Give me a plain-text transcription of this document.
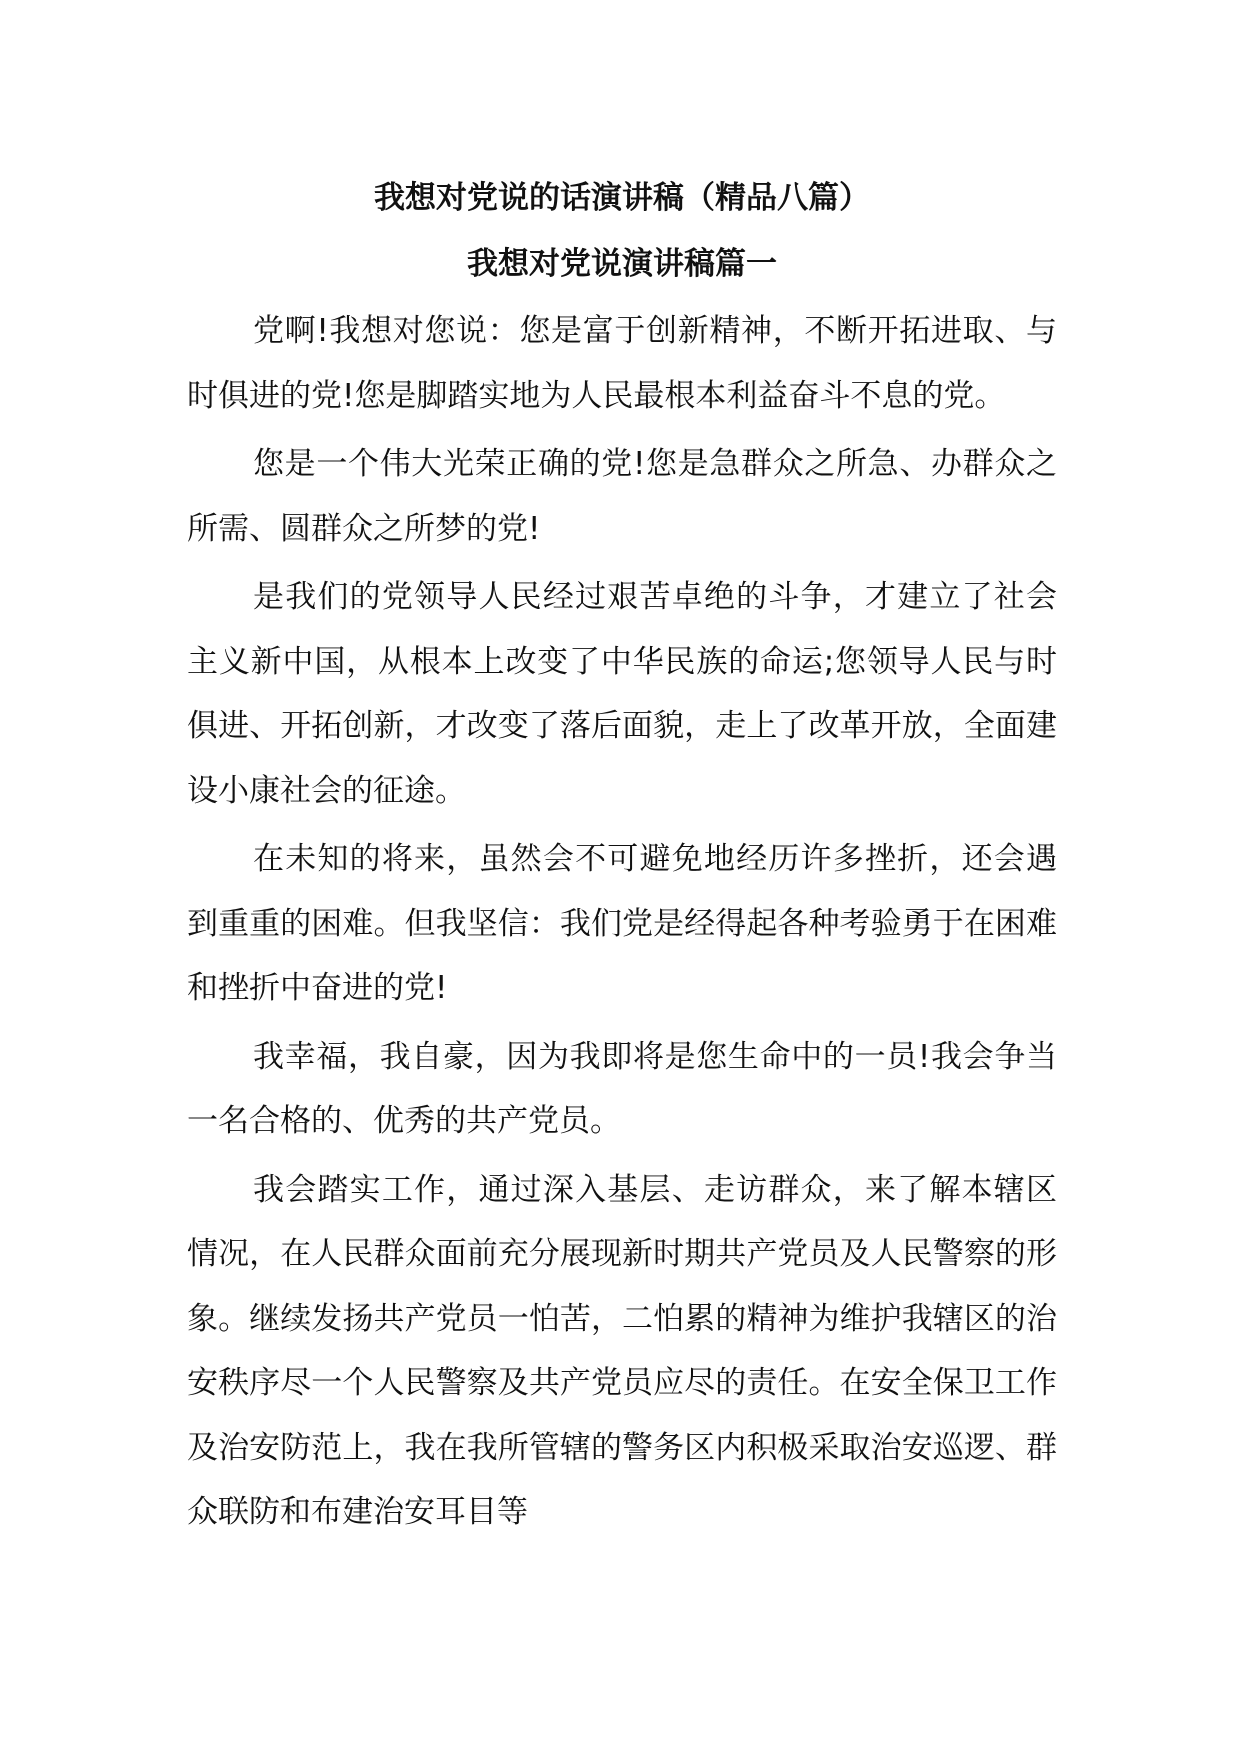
我想对党说的话演讲稿（精品八篇）
我想对党说演讲稿篇一

党啊!我想对您说：您是富于创新精神，不断开拓进取、与时俱进的党!您是脚踏实地为人民最根本利益奋斗不息的党。

您是一个伟大光荣正确的党!您是急群众之所急、办群众之所需、圆群众之所梦的党!

是我们的党领导人民经过艰苦卓绝的斗争，才建立了社会主义新中国，从根本上改变了中华民族的命运;您领导人民与时俱进、开拓创新，才改变了落后面貌，走上了改革开放，全面建设小康社会的征途。

在未知的将来，虽然会不可避免地经历许多挫折，还会遇到重重的困难。但我坚信：我们党是经得起各种考验勇于在困难和挫折中奋进的党!

我幸福，我自豪，因为我即将是您生命中的一员!我会争当一名合格的、优秀的共产党员。

我会踏实工作，通过深入基层、走访群众，来了解本辖区情况，在人民群众面前充分展现新时期共产党员及人民警察的形象。继续发扬共产党员一怕苦，二怕累的精神为维护我辖区的治安秩序尽一个人民警察及共产党员应尽的责任。在安全保卫工作及治安防范上，我在我所管辖的警务区内积极采取治安巡逻、群众联防和布建治安耳目等
